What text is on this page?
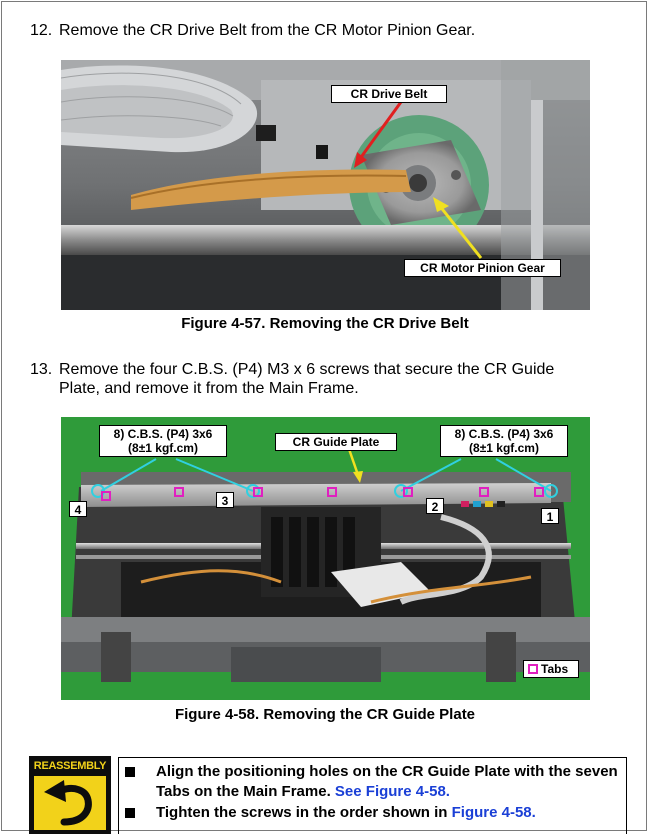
12. Remove the CR Drive Belt from the CR Motor Pinion Gear.
CR Drive Belt
CR Motor Pinion Gear
Figure 4-57. Removing the CR Drive Belt
13. Remove the four C.B.S. (P4) M3 x 6 screws that secure the CR Guide
Plate, and remove it from the Main Frame.
8) C.B.S. (P4) 3x6
(8±1 kgf.cm)	CR Guide Plate
8) C.B.S. (P4) 3x6
(8±1 kgf.cm)
1
2
3
4
Tabs
Figure 4-58. Removing the CR Guide Plate
REASSEMBLY	Align the positioning holes on the CR Guide Plate with the seven Tabs on the Main Frame. See Figure 4-58.
Tighten the screws in the order shown in Figure 4-58.
